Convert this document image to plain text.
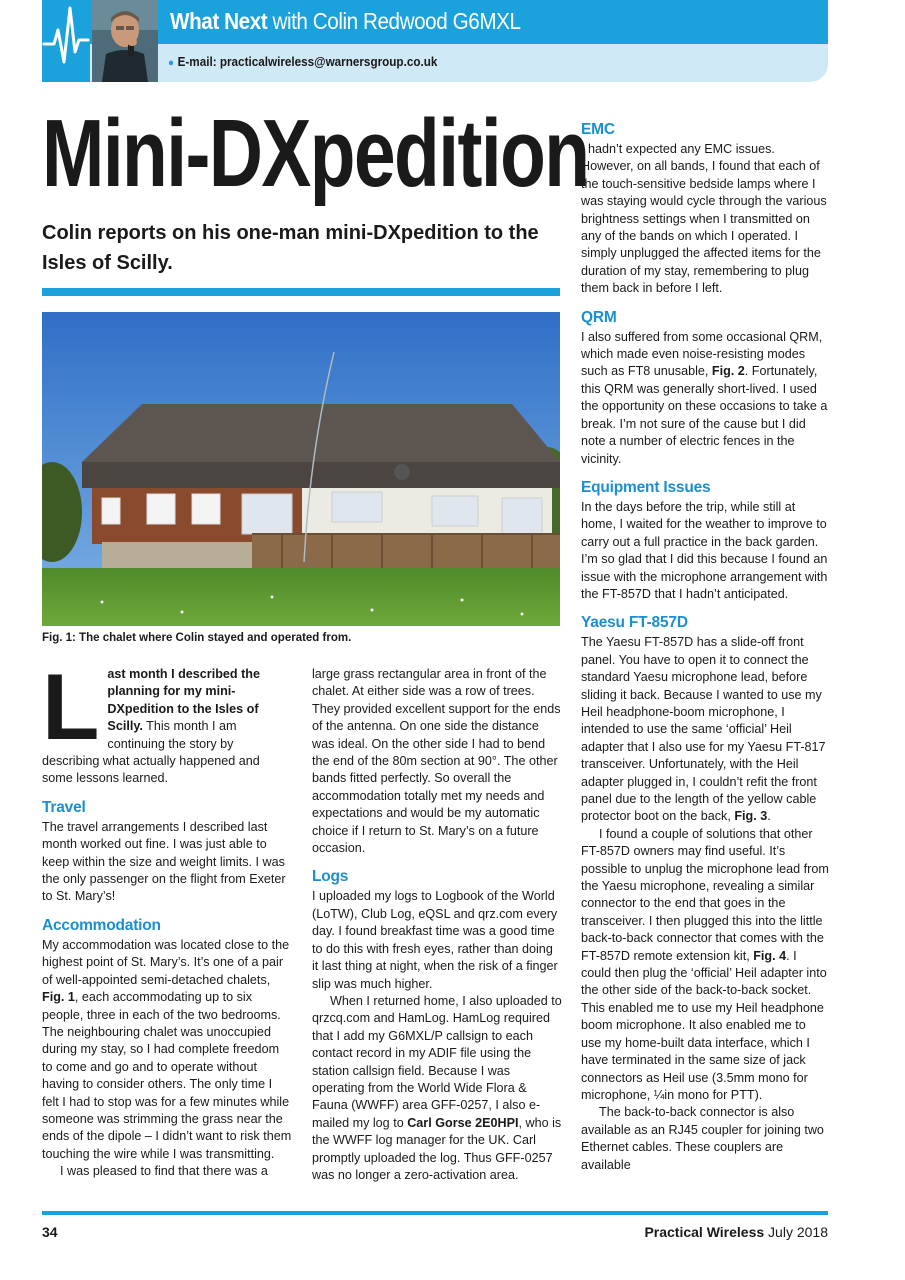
What Next with Colin Redwood G6MXL
● E-mail: practicalwireless@warnersgroup.co.uk
Mini-DXpedition

Colin reports on his one-man mini-DXpedition to the Isles of Scilly.

Fig. 1: The chalet where Colin stayed and operated from.

Last month I described the planning for my mini-DXpedition to the Isles of Scilly. This month I am continuing the story by describing what actually happened and some lessons learned.

Travel

The travel arrangements I described last month worked out fine. I was just able to keep within the size and weight limits. I was the only passenger on the flight from Exeter to St. Mary’s!

Accommodation

My accommodation was located close to the highest point of St. Mary’s. It’s one of a pair of well-appointed semi-detached chalets, Fig. 1, each accommodating up to six people, three in each of the two bedrooms. The neighbouring chalet was unoccupied during my stay, so I had complete freedom to come and go and to operate without having to consider others. The only time I felt I had to stop was for a few minutes while someone was strimming the grass near the ends of the dipole – I didn’t want to risk them touching the wire while I was transmitting.

I was pleased to find that there was a

large grass rectangular area in front of the chalet. At either side was a row of trees. They provided excellent support for the ends of the antenna. On one side the distance was ideal. On the other side I had to bend the end of the 80m section at 90°. The other bands fitted perfectly. So overall the accommodation totally met my needs and expectations and would be my automatic choice if I return to St. Mary’s on a future occasion.

Logs

I uploaded my logs to Logbook of the World (LoTW), Club Log, eQSL and qrz.com every day. I found breakfast time was a good time to do this with fresh eyes, rather than doing it last thing at night, when the risk of a finger slip was much higher.

When I returned home, I also uploaded to qrzcq.com and HamLog. HamLog required that I add my G6MXL/P callsign to each contact record in my ADIF file using the station callsign field. Because I was operating from the World Wide Flora & Fauna (WWFF) area GFF-0257, I also e-mailed my log to Carl Gorse 2E0HPI, who is the WWFF log manager for the UK. Carl promptly uploaded the log. Thus GFF-0257 was no longer a zero-activation area.

EMC

I hadn’t expected any EMC issues. However, on all bands, I found that each of the touch-sensitive bedside lamps where I was staying would cycle through the various brightness settings when I transmitted on any of the bands on which I operated. I simply unplugged the affected items for the duration of my stay, remembering to plug them back in before I left.

QRM

I also suffered from some occasional QRM, which made even noise-resisting modes such as FT8 unusable, Fig. 2. Fortunately, this QRM was generally short-lived. I used the opportunity on these occasions to take a break. I’m not sure of the cause but I did note a number of electric fences in the vicinity.

Equipment Issues

In the days before the trip, while still at home, I waited for the weather to improve to carry out a full practice in the back garden. I’m so glad that I did this because I found an issue with the microphone arrangement with the FT-857D that I hadn’t anticipated.

Yaesu FT-857D

The Yaesu FT-857D has a slide-off front panel. You have to open it to connect the standard Yaesu microphone lead, before sliding it back. Because I wanted to use my Heil headphone-boom microphone, I intended to use the same ‘official’ Heil adapter that I also use for my Yaesu FT-817 transceiver. Unfortunately, with the Heil adapter plugged in, I couldn’t refit the front panel due to the length of the yellow cable protector boot on the back, Fig. 3.

I found a couple of solutions that other FT-857D owners may find useful. It’s possible to unplug the microphone lead from the Yaesu microphone, revealing a similar connector to the end that goes in the transceiver. I then plugged this into the little back-to-back connector that comes with the FT-857D remote extension kit, Fig. 4. I could then plug the ‘official’ Heil adapter into the other side of the back-to-back socket. This enabled me to use my Heil headphone boom microphone. It also enabled me to use my home-built data interface, which I have terminated in the same size of jack connectors as Heil use (3.5mm mono for microphone, ¼in mono for PTT).

The back-to-back connector is also available as an RJ45 coupler for joining two Ethernet cables. These couplers are available

34	Practical Wireless July 2018
